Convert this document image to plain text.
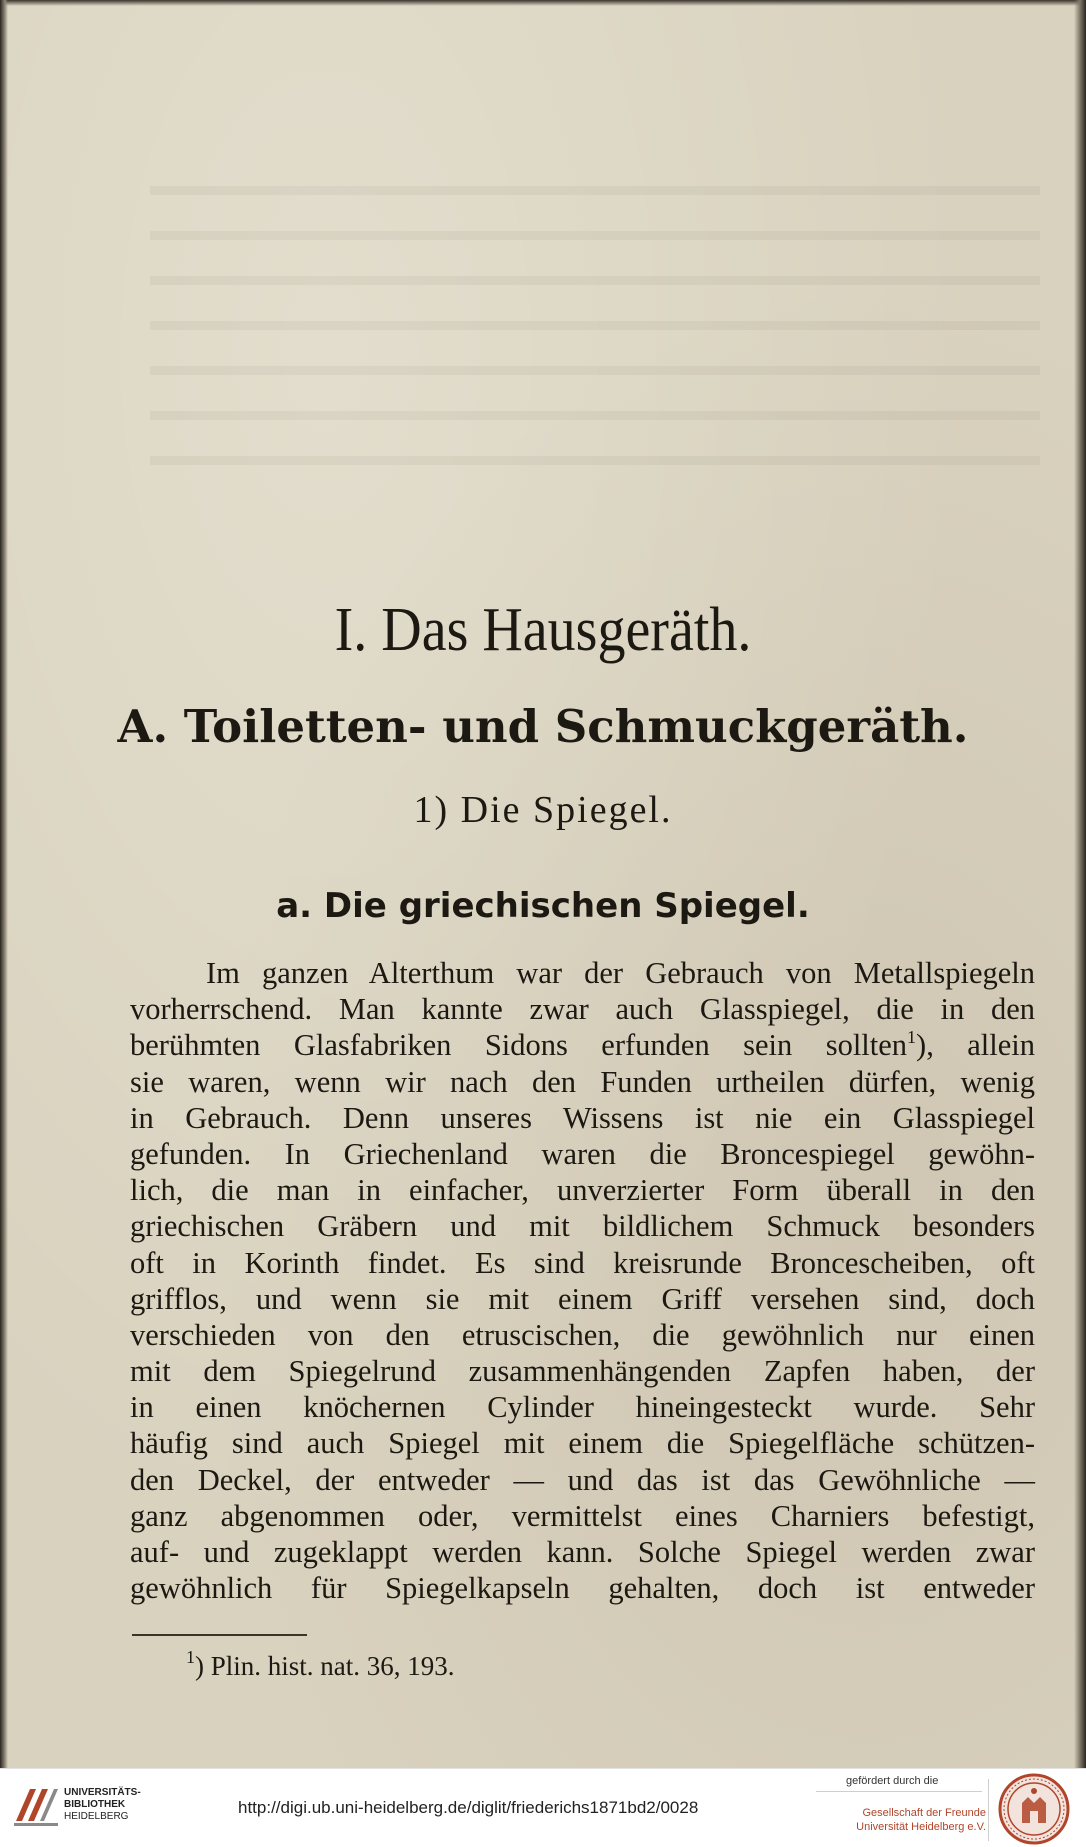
I. Das Hausgeräth.
A. Toiletten- und Schmuckgeräth.
1) Die Spiegel.
a. Die griechischen Spiegel.
Im ganzen Alterthum war der Gebrauch von Metallspiegeln
vorherrschend. Man kannte zwar auch Glasspiegel, die in den
berühmten Glasfabriken Sidons erfunden sein sollten$^1$), allein
sie waren, wenn wir nach den Funden urtheilen dürfen, wenig
in Gebrauch. Denn unseres Wissens ist nie ein Glasspiegel
gefunden. In Griechenland waren die Broncespiegel gewöhn-
lich, die man in einfacher, unverzierter Form überall in den
griechischen Gräbern und mit bildlichem Schmuck besonders
oft in Korinth findet. Es sind kreisrunde Broncescheiben, oft
grifflos, und wenn sie mit einem Griff versehen sind, doch
verschieden von den etruscischen, die gewöhnlich nur einen
mit dem Spiegelrund zusammenhängenden Zapfen haben, der
in einen knöchernen Cylinder hineingesteckt wurde. Sehr
häufig sind auch Spiegel mit einem die Spiegelfläche schützen-
den Deckel, der entweder — und das ist das Gewöhnliche —
ganz abgenommen oder, vermittelst eines Charniers befestigt,
auf- und zugeklappt werden kann. Solche Spiegel werden zwar
gewöhnlich für Spiegelkapseln gehalten, doch ist entweder
$^1$) Plin. hist. nat. 36, 193.
UNIVERSITÄTS-
BIBLIOTHEK
HEIDELBERG	http://digi.ub.uni-heidelberg.de/diglit/friederichs1871bd2/0028
gefördert durch die
Gesellschaft der Freunde
Universität Heidelberg e.V.
